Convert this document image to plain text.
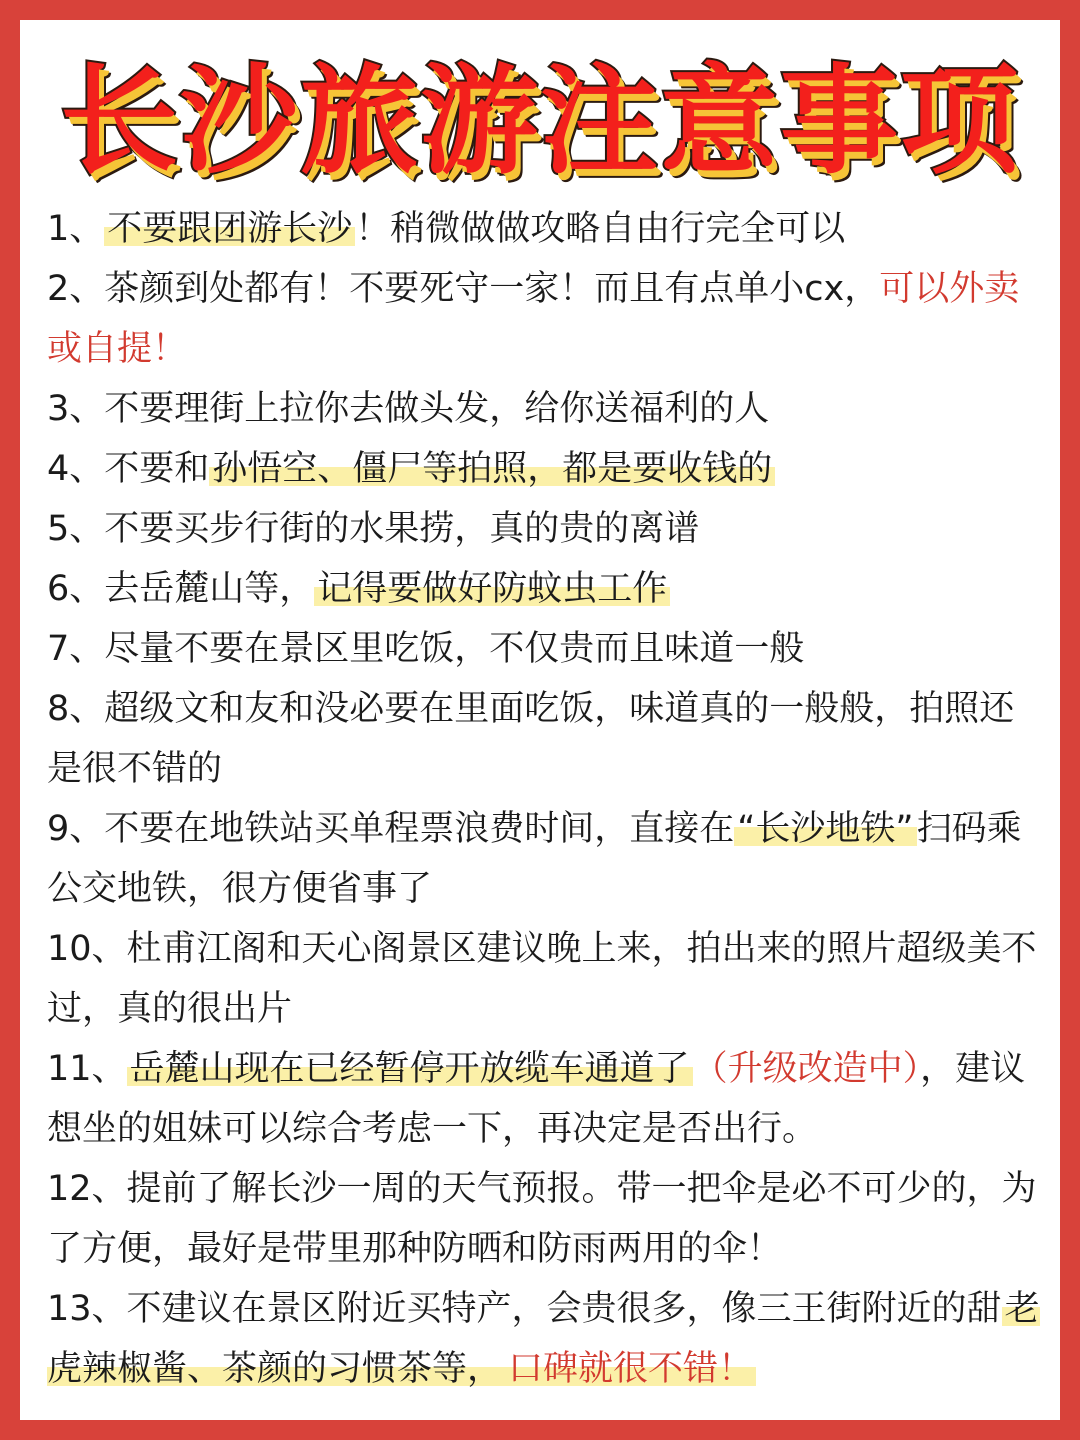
长沙旅游注意事项
1、不要跟团游长沙！稍微做做攻略自由行完全可以
2、茶颜到处都有！不要死守一家！而且有点单小cx，可以外卖或自提！
3、不要理街上拉你去做头发，给你送福利的人
4、不要和孙悟空、僵尸等拍照，都是要收钱的
5、不要买步行街的水果捞，真的贵的离谱
6、去岳麓山等，记得要做好防蚊虫工作
7、尽量不要在景区里吃饭，不仅贵而且味道一般
8、超级文和友和没必要在里面吃饭，味道真的一般般，拍照还是很不错的
9、不要在地铁站买单程票浪费时间，直接在“长沙地铁”扫码乘公交地铁，很方便省事了
10、杜甫江阁和天心阁景区建议晚上来，拍出来的照片超级美不过，真的很出片
11、岳麓山现在已经暂停开放缆车通道了（升级改造中），建议想坐的姐妹可以综合考虑一下，再决定是否出行。
12、提前了解长沙一周的天气预报。带一把伞是必不可少的，为了方便，最好是带里那种防晒和防雨两用的伞！
13、不建议在景区附近买特产，会贵很多，像三王街附近的甜老虎辣椒酱、茶颜的习惯茶等， 口碑就很不错！
